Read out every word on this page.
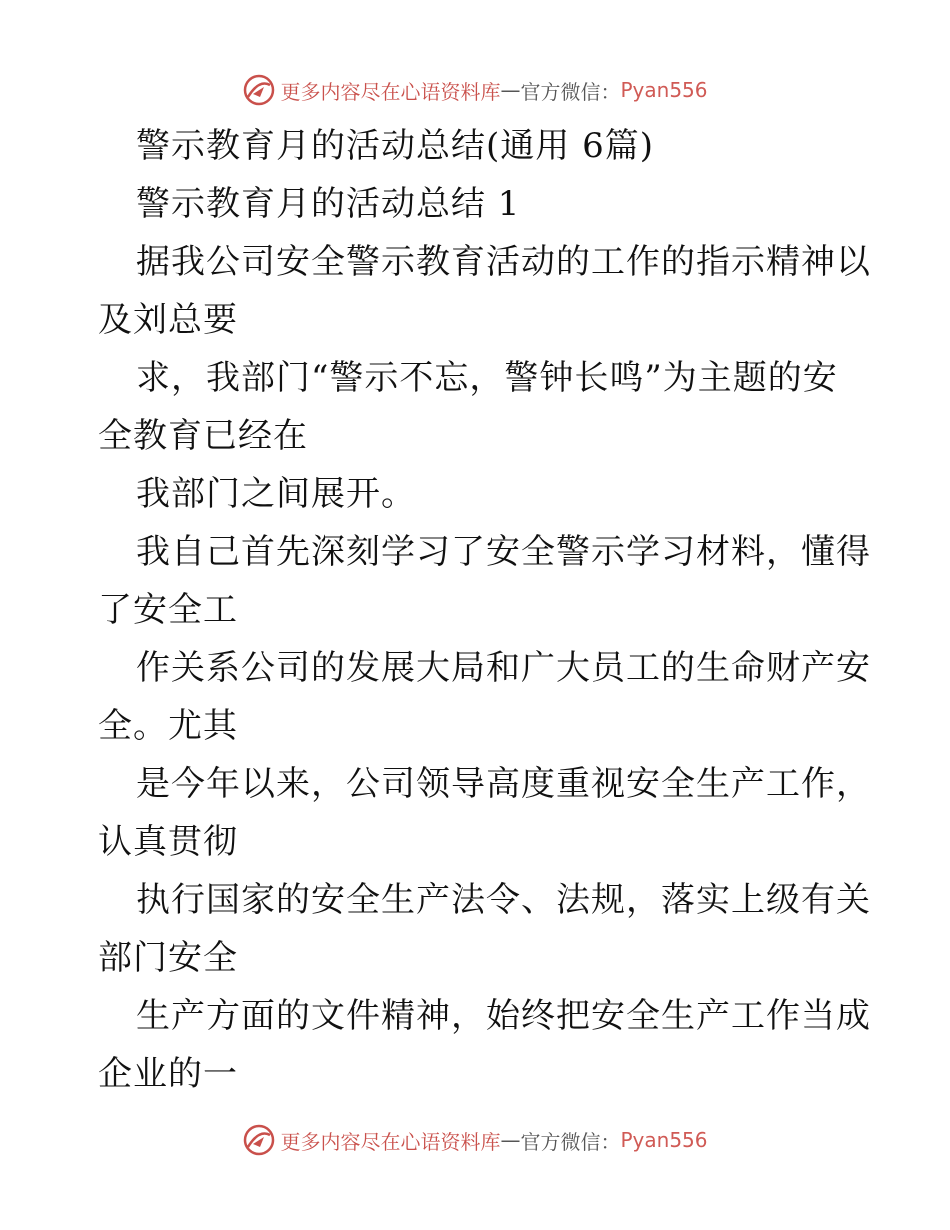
更多内容尽在心语资料库 — 官方微信： Pyan556
警示教育月的活动总结(通用 6篇)
警示教育月的活动总结 1
据我公司安全警示教育活动的工作的指示精神以
及刘总要
求，我部门“警示不忘，警钟长鸣”为主题的安
全教育已经在
我部门之间展开。
我自己首先深刻学习了安全警示学习材料，懂得
了安全工
作关系公司的发展大局和广大员工的生命财产安
全。尤其
是今年以来，公司领导高度重视安全生产工作，
认真贯彻
执行国家的安全生产法令、法规，落实上级有关
部门安全
生产方面的文件精神，始终把安全生产工作当成
企业的一
更多内容尽在心语资料库 — 官方微信： Pyan556
